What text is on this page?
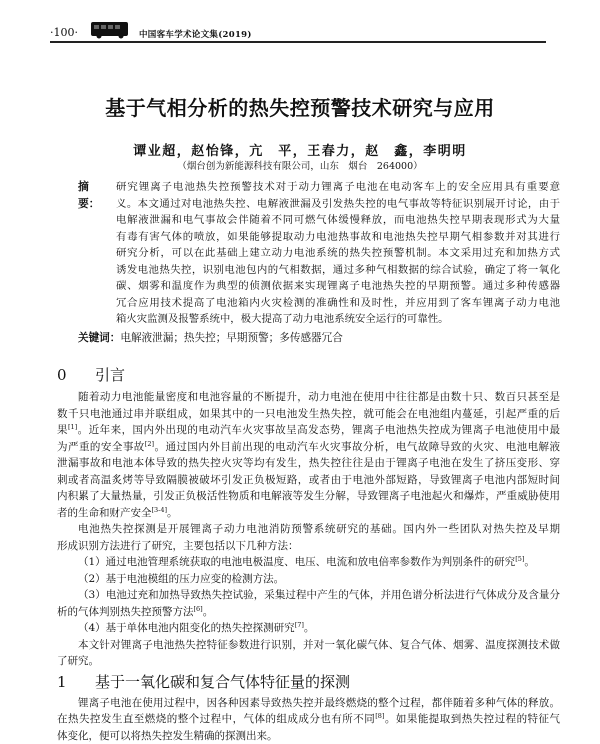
·100·	中国客车学术论文集(2019)
基于气相分析的热失控预警技术研究与应用
谭业超，赵怡锋，亢　平，王春力，赵　鑫，李明明
（烟台创为新能源科技有限公司，山东　烟台　264000）
摘　要：
研究锂离子电池热失控预警技术对于动力锂离子电池在电动客车上的安全应用具有重要意
义。本文通过对电池热失控、电解液泄漏及引发热失控的电气事故等特征识别展开讨论，由于
电解液泄漏和电气事故会伴随着不同可燃气体缓慢释放，而电池热失控早期表现形式为大量
有毒有害气体的喷放，如果能够提取动力电池热事故和电池热失控早期气相参数并对其进行
研究分析，可以在此基础上建立动力电池系统的热失控预警机制。本文采用过充和加热方式
诱发电池热失控，识别电池包内的气相数据，通过多种气相数据的综合试验，确定了将一氧化
碳、烟雾和温度作为典型的侦测依据来实现锂离子电池热失控的早期预警。通过多种传感器
冗合应用技术提高了电池箱内火灾检测的准确性和及时性，并应用到了客车锂离子动力电池
箱火灾监测及报警系统中，极大提高了动力电池系统安全运行的可靠性。
关键词：电解液泄漏；热失控；早期预警；多传感器冗合
0	引言
随着动力电池能量密度和电池容量的不断提升，动力电池在使用中往往都是由数十只、数百只甚至是
数千只电池通过串并联组成，如果其中的一只电池发生热失控，就可能会在电池组内蔓延，引起严重的后
果[1]。近年来，国内外出现的电动汽车火灾事故呈高发态势，锂离子电池热失控成为锂离子电池使用中最
为严重的安全事故[2]。通过国内外目前出现的电动汽车火灾事故分析，电气故障导致的火灾、电池电解液
泄漏事故和电池本体导致的热失控火灾等均有发生，热失控往往是由于锂离子电池在发生了挤压变形、穿
刺或者高温炙烤等导致隔膜被破坏引发正负极短路，或者由于电池外部短路，导致锂离子电池内部短时间
内积累了大量热量，引发正负极活性物质和电解液等发生分解，导致锂离子电池起火和爆炸，严重威胁使用
者的生命和财产安全[3-4]。
电池热失控探测是开展锂离子动力电池消防预警系统研究的基础。国内外一些团队对热失控及早期
形成识别方法进行了研究，主要包括以下几种方法：
（1）通过电池管理系统获取的电池电极温度、电压、电流和放电倍率参数作为判别条件的研究[5]。
（2）基于电池模组的压力应变的检测方法。
（3）电池过充和加热导致热失控试验，采集过程中产生的气体，并用色谱分析法进行气体成分及含量分
析的气体判别热失控预警方法[6]。
（4）基于单体电池内阻变化的热失控探测研究[7]。
本文针对锂离子电池热失控特征参数进行识别，并对一氧化碳气体、复合气体、烟雾、温度探测技术做
了研究。
1	基于一氧化碳和复合气体特征量的探测
锂离子电池在使用过程中，因各种因素导致热失控并最终燃烧的整个过程，都伴随着多种气体的释放。
在热失控发生直至燃烧的整个过程中，气体的组成成分也有所不同[8]。如果能提取到热失控过程的特征气
体变化，便可以将热失控发生精确的探测出来。
